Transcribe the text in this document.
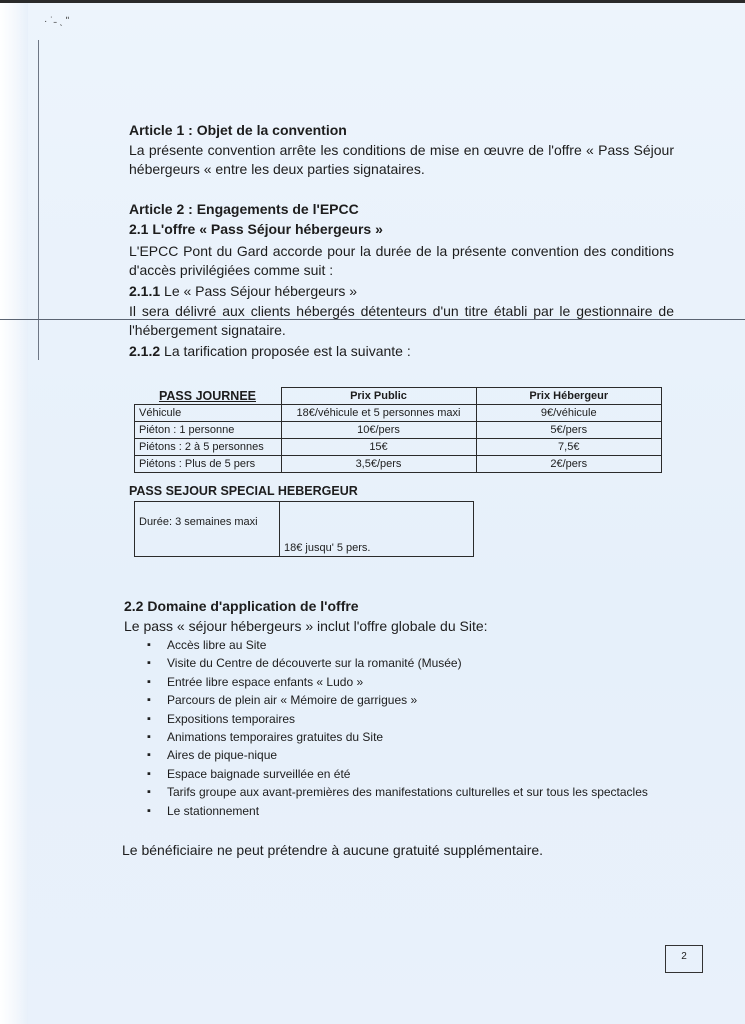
· ˙˗ ˎ ʺ
Article 1 : Objet de la convention
La présente convention arrête les conditions de mise en œuvre de l'offre « Pass Séjour hébergeurs « entre les deux parties signataires.
Article 2 : Engagements de l'EPCC
2.1 L'offre « Pass Séjour hébergeurs »
L'EPCC Pont du Gard accorde pour la durée de la présente convention des conditions d'accès privilégiées comme suit :
2.1.1 Le « Pass Séjour hébergeurs »
Il sera délivré aux clients hébergés détenteurs d'un titre établi par le gestionnaire de l'hébergement signataire.
2.1.2 La tarification proposée est la suivante :
PASS JOURNEE	Prix Public	Prix Hébergeur
Véhicule	18€/véhicule et 5 personnes maxi	9€/véhicule
Piéton : 1 personne	10€/pers	5€/pers
Piétons : 2 à 5 personnes	15€	7,5€
Piétons : Plus de 5 pers	3,5€/pers	2€/pers
PASS SEJOUR SPECIAL HEBERGEUR
Durée: 3 semaines maxi	18€ jusqu' 5 pers.
2.2 Domaine d'application de l'offre
Le pass « séjour hébergeurs » inclut l'offre globale du Site:
▪ Accès libre au Site
▪ Visite du Centre de découverte sur la romanité (Musée)
▪ Entrée libre espace enfants « Ludo »
▪ Parcours de plein air « Mémoire de garrigues »
▪ Expositions temporaires
▪ Animations temporaires gratuites du Site
▪ Aires de pique-nique
▪ Espace baignade surveillée en été
▪ Tarifs groupe aux avant-premières des manifestations culturelles et sur tous les spectacles
▪ Le stationnement
Le bénéficiaire ne peut prétendre à aucune gratuité supplémentaire.
2
